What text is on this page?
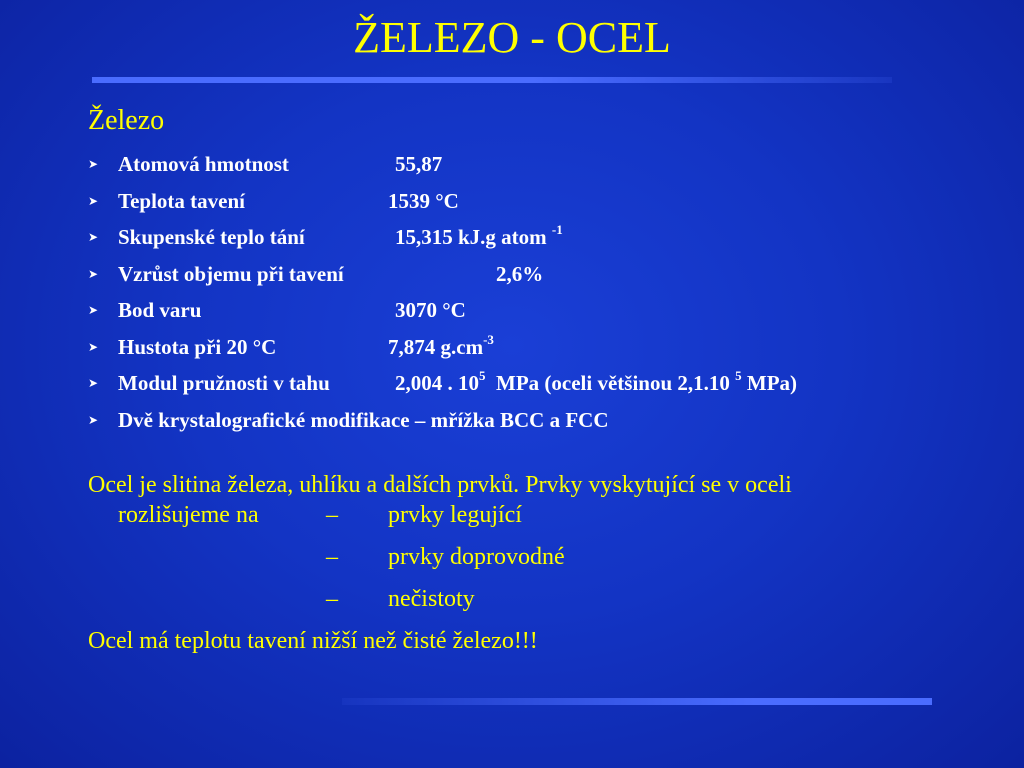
ŽELEZO - OCEL
Železo
➤ Atomová hmotnost	55,87
➤ Teplota tavení	1539 °C
➤ Skupenské teplo tání	15,315 kJ.g atom $^{-1}$
➤ Vzrůst objemu při tavení	2,6%
➤ Bod varu	3070 °C
➤ Hustota při 20 °C	7,874 $g.cm^{-3}$
➤ Modul pružnosti v tahu	2,004 . $10^5$ MPa (oceli většinou 2,1.10 $^5$ MPa)
➤ Dvě krystalografické modifikace – mřížka BCC a FCC
Ocel je slitina železa, uhlíku a dalších prvků. Prvky vyskytující se v oceli
rozlišujeme na	– prvky legující
– prvky doprovodné
– nečistoty
Ocel má teplotu tavení nižší než čisté železo!!!
